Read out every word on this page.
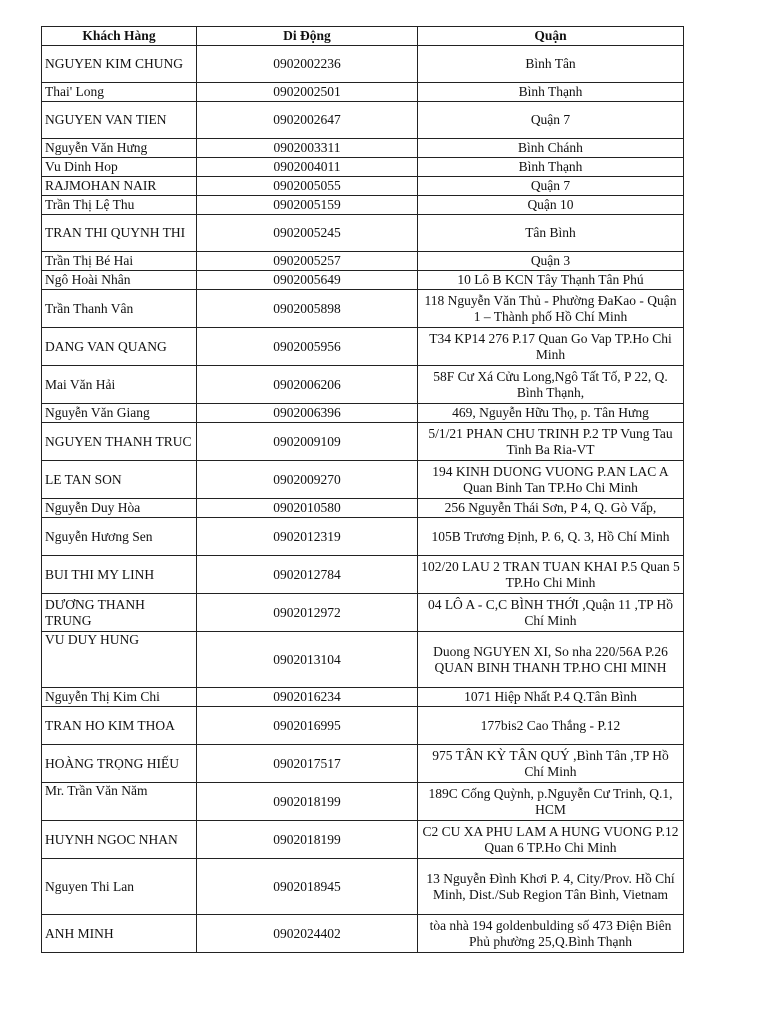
Khách Hàng	Di Động	Quận
NGUYEN KIM CHUNG	0902002236	Bình Tân
Thai' Long	0902002501	Bình Thạnh
NGUYEN VAN TIEN	0902002647	Quận 7
Nguyễn Văn Hưng	0902003311	Bình Chánh
Vu Dinh Hop	0902004011	Bình Thạnh
RAJMOHAN NAIR	0902005055	Quận 7
Trần Thị Lệ Thu	0902005159	Quận 10
TRAN THI QUYNH THI	0902005245	Tân Bình
Trần Thị Bé Hai	0902005257	Quận 3
Ngô Hoài Nhân	0902005649	10 Lô B KCN Tây Thạnh Tân Phú
Trần Thanh Vân	0902005898	118 Nguyễn Văn Thủ - Phường ĐaKao - Quận 1 – Thành phố Hồ Chí Minh
DANG VAN QUANG	0902005956	T34 KP14 276 P.17 Quan Go Vap TP.Ho Chi Minh
Mai Văn Hải	0902006206	58F Cư Xá Cửu Long,Ngô Tất Tố, P 22, Q. Bình Thạnh,
Nguyễn Văn Giang	0902006396	469, Nguyễn Hữu Thọ, p. Tân Hưng
NGUYEN THANH TRUC	0902009109	5/1/21 PHAN CHU TRINH P.2 TP Vung Tau Tinh Ba Ria-VT
LE TAN SON	0902009270	194 KINH DUONG VUONG P.AN LAC A Quan Binh Tan TP.Ho Chi Minh
Nguyễn Duy Hòa	0902010580	256 Nguyễn Thái Sơn, P 4, Q. Gò Vấp,
Nguyễn Hương Sen	0902012319	105B Trương Định, P. 6, Q. 3, Hồ Chí Minh
BUI THI MY LINH	0902012784	102/20 LAU 2 TRAN TUAN KHAI P.5 Quan 5 TP.Ho Chi Minh
DƯƠNG THANH TRUNG	0902012972	04 LÔ A - C,C BÌNH THỚI ,Quận 11 ,TP Hồ Chí Minh
VU DUY HUNG	0902013104	Duong NGUYEN XI, So nha 220/56A P.26 QUAN BINH THANH TP.HO CHI MINH
Nguyễn Thị Kim Chi	0902016234	1071 Hiệp Nhất P.4 Q.Tân Bình
TRAN HO KIM THOA	0902016995	177bis2 Cao Thắng - P.12
HOÀNG TRỌNG HIẾU	0902017517	975 TÂN KỲ TÂN QUÝ ,Bình Tân ,TP Hồ Chí Minh
Mr. Trần Văn Năm	0902018199	189C Cống Quỳnh, p.Nguyễn Cư Trinh, Q.1, HCM
HUYNH NGOC NHAN	0902018199	C2 CU XA PHU LAM A HUNG VUONG P.12 Quan 6 TP.Ho Chi Minh
Nguyen Thi Lan	0902018945	13 Nguyễn Đình Khơi P. 4, City/Prov. Hồ Chí Minh, Dist./Sub Region Tân Bình, Vietnam
ANH MINH	0902024402	tòa nhà 194 goldenbulding số 473 Điện Biên Phủ phường 25,Q.Bình Thạnh
